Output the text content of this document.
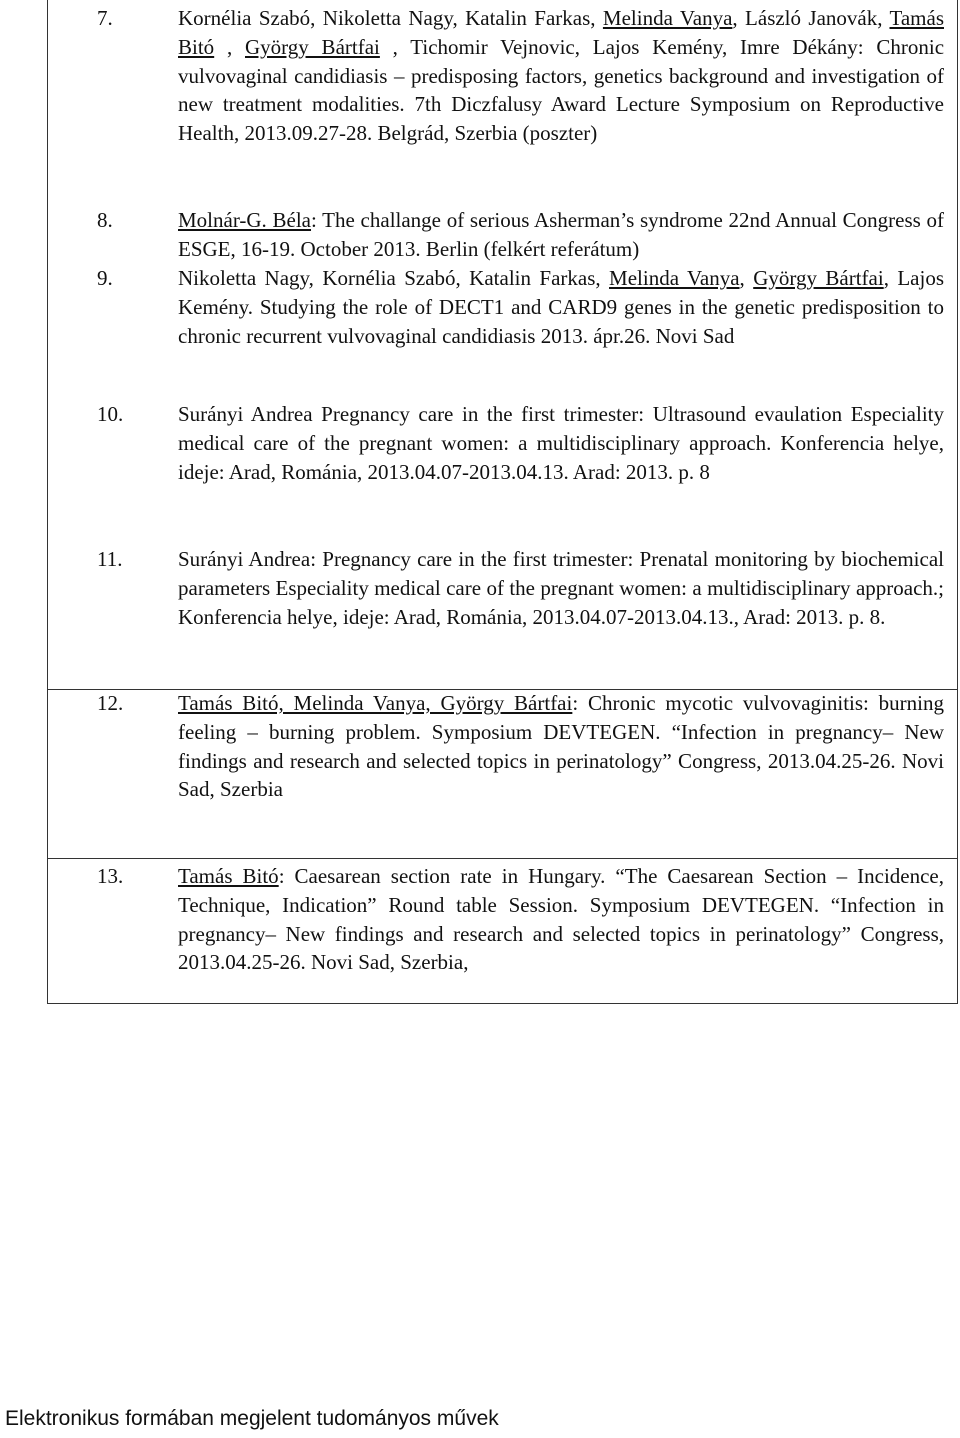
7.	Kornélia Szabó, Nikoletta Nagy, Katalin Farkas, Melinda Vanya, László Janovák, Tamás Bitó , György Bártfai , Tichomir Vejnovic, Lajos Kemény, Imre Dékány: Chronic vulvovaginal candidiasis – predisposing factors, genetics background and investigation of new treatment modalities. 7th Diczfalusy Award Lecture Symposium on Reproductive Health, 2013.09.27-28. Belgrád, Szerbia (poszter)
8.	Molnár-G. Béla: The challange of serious Asherman’s syndrome 22nd Annual Congress of ESGE, 16-19. October 2013. Berlin (felkért referátum)
9.	Nikoletta Nagy, Kornélia Szabó, Katalin Farkas, Melinda Vanya, György Bártfai, Lajos Kemény. Studying the role of DECT1 and CARD9 genes in the genetic predisposition to chronic recurrent vulvovaginal candidiasis 2013. ápr.26. Novi Sad
10.	Surányi Andrea Pregnancy care in the first trimester: Ultrasound evaulation Especiality medical care of the pregnant women: a multidisciplinary approach. Konferencia helye, ideje: Arad, Románia, 2013.04.07-2013.04.13. Arad: 2013. p. 8
11.	Surányi Andrea: Pregnancy care in the first trimester: Prenatal monitoring by biochemical parameters Especiality medical care of the pregnant women: a multidisciplinary approach.; Konferencia helye, ideje: Arad, Románia, 2013.04.07-2013.04.13., Arad: 2013. p. 8.
12.	Tamás Bitó, Melinda Vanya, György Bártfai: Chronic mycotic vulvovaginitis: burning feeling – burning problem. Symposium DEVTEGEN. “Infection in pregnancy– New findings and research and selected topics in perinatology” Congress, 2013.04.25-26. Novi Sad, Szerbia
13.	Tamás Bitó: Caesarean section rate in Hungary. “The Caesarean Section – Incidence, Technique, Indication” Round table Session. Symposium DEVTEGEN. “Infection in pregnancy– New findings and research and selected topics in perinatology” Congress, 2013.04.25-26. Novi Sad, Szerbia,
Elektronikus formában megjelent tudományos művek
